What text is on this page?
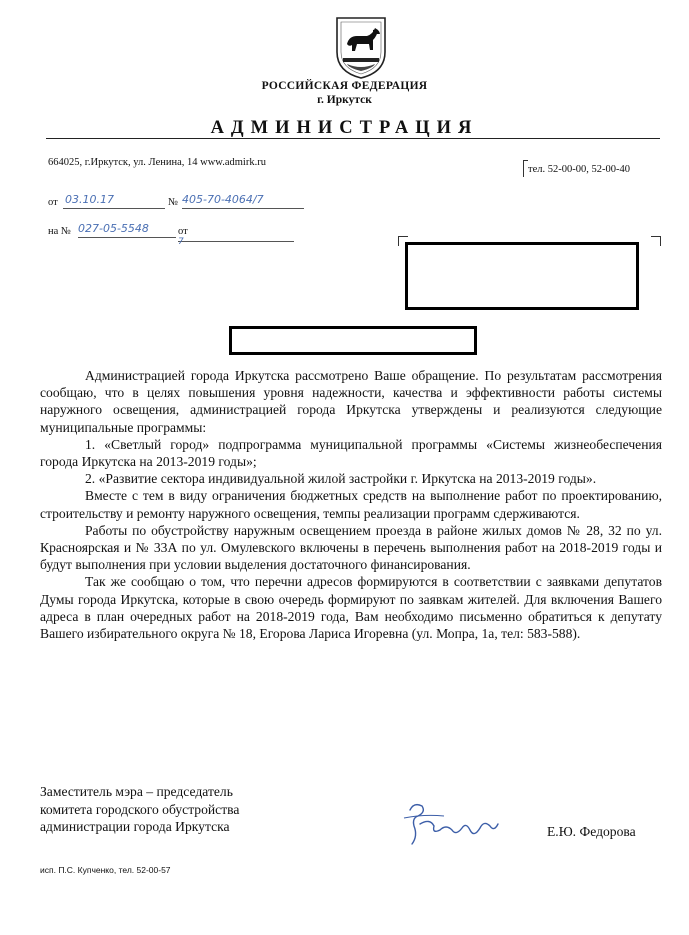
РОССИЙСКАЯ ФЕДЕРАЦИЯ
г. Иркутск
АДМИНИСТРАЦИЯ
664025, г.Иркутск, ул. Ленина, 14 www.admirk.ru
тел. 52-00-00, 52-00-40
от 03.10.17	№ 405-70-4064/7
на № 027-05-5548	от
7

Администрацией города Иркутска рассмотрено Ваше обращение. По результатам рассмотрения сообщаю, что в целях повышения уровня надежности, качества и эффективности работы системы наружного освещения, администрацией города Иркутска утверждены и реализуются следующие муниципальные программы:

1. «Светлый город» подпрограмма муниципальной программы «Системы жизнеобеспечения города Иркутска на 2013-2019 годы»;

2. «Развитие сектора индивидуальной жилой застройки г. Иркутска на 2013-2019 годы».

Вместе с тем в виду ограничения бюджетных средств на выполнение работ по проектированию, строительству и ремонту наружного освещения, темпы реализации программ сдерживаются.

Работы по обустройству наружным освещением проезда в районе жилых домов № 28, 32 по ул. Красноярская и № 33А по ул. Омулевского включены в перечень выполнения работ на 2018-2019 годы и будут выполнения при условии выделения достаточного финансирования.

Так же сообщаю о том, что перечни адресов формируются в соответствии с заявками депутатов Думы города Иркутска, которые в свою очередь формируют по заявкам жителей. Для включения Вашего адреса в план очередных работ на 2018-2019 года, Вам необходимо письменно обратиться к депутату Вашего избирательного округа № 18, Егорова Лариса Игоревна (ул. Мопра, 1а, тел: 583-588).

Заместитель мэра – председатель
комитета городского обустройства
администрации города Иркутска	Е.Ю. Федорова
исп. П.С. Купченко, тел. 52-00-57
